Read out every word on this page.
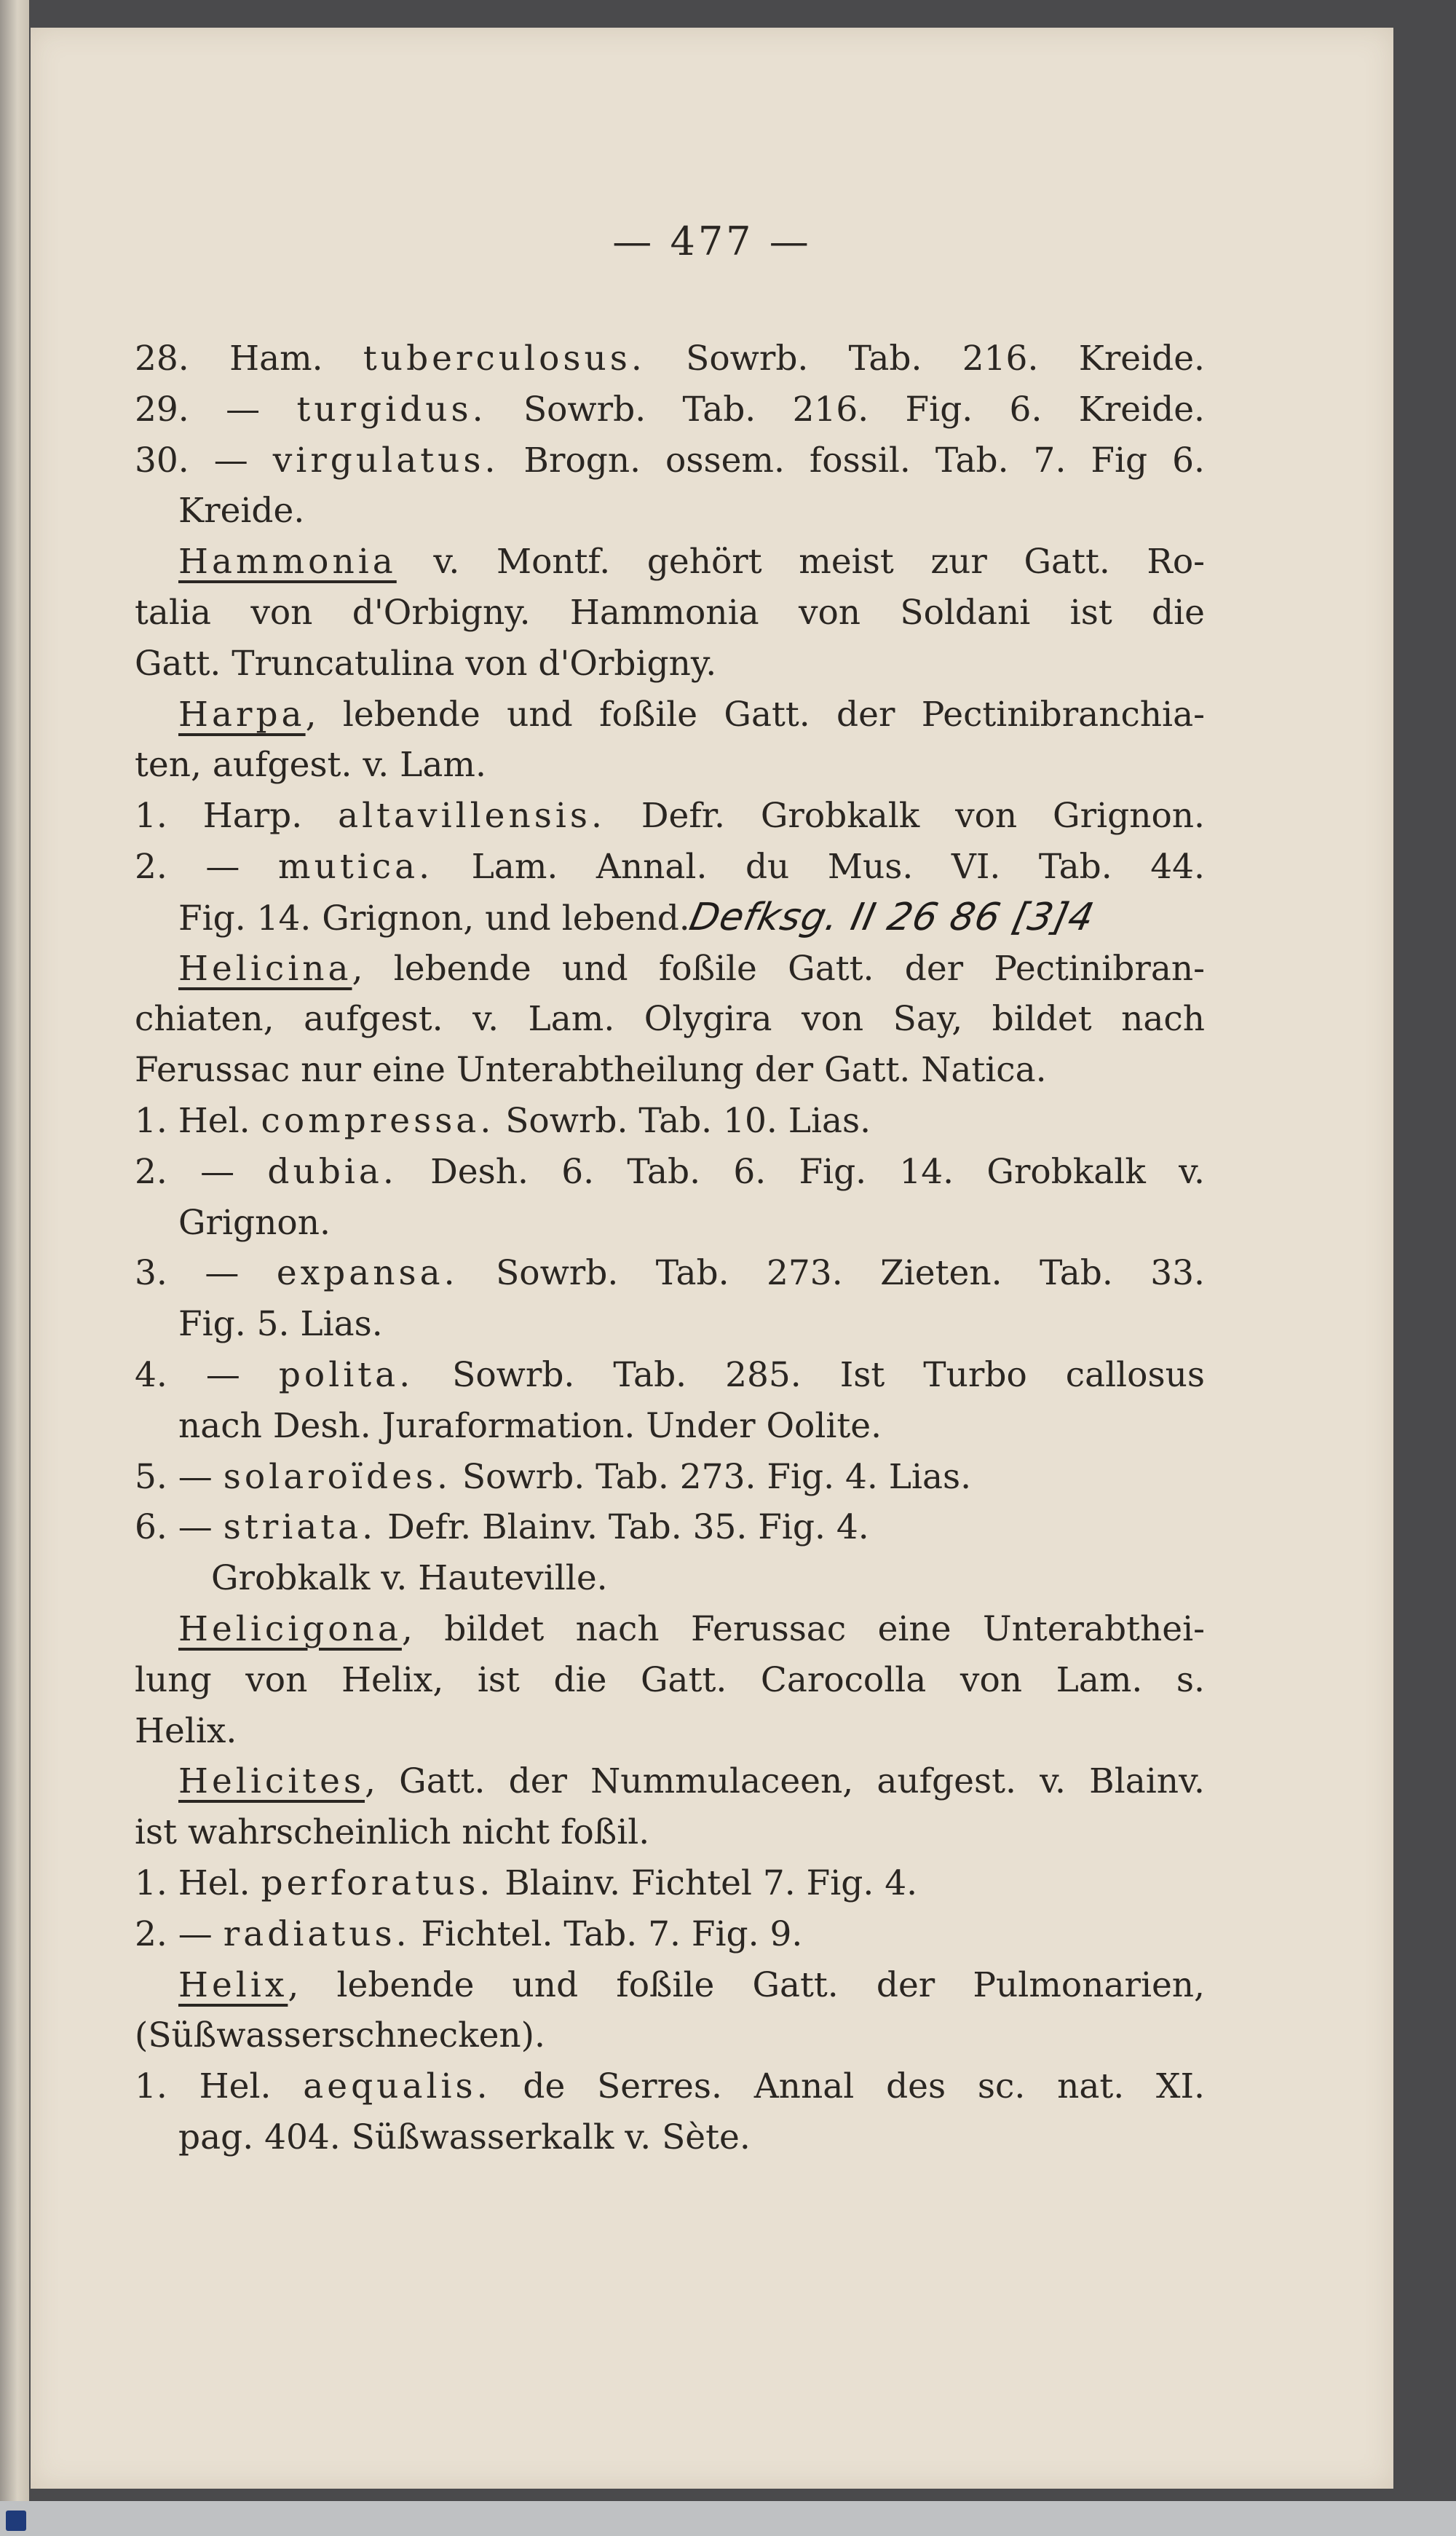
— 477 —
28. Ham. tuberculosus. Sowrb. Tab. 216. Kreide.
29. — turgidus. Sowrb. Tab. 216. Fig. 6. Kreide.
30. — virgulatus. Brogn. ossem. fossil. Tab. 7. Fig 6.
Kreide.
Hammonia v. Montf. gehört meist zur Gatt. Ro-
talia von d'Orbigny. Hammonia von Soldani ist die
Gatt. Truncatulina von d'Orbigny.
Harpa, lebende und foßile Gatt. der Pectinibranchia-
ten, aufgest. v. Lam.
1. Harp. altavillensis. Defr. Grobkalk von Grignon.
2. — mutica. Lam. Annal. du Mus. VI. Tab. 44.
Fig. 14. Grignon, und lebend.Defksg. II 26 86 [3]4
Helicina, lebende und foßile Gatt. der Pectinibran-
chiaten, aufgest. v. Lam. Olygira von Say, bildet nach
Ferussac nur eine Unterabtheilung der Gatt. Natica.
1. Hel. compressa. Sowrb. Tab. 10. Lias.
2. — dubia. Desh. 6. Tab. 6. Fig. 14. Grobkalk v.
Grignon.
3. — expansa. Sowrb. Tab. 273. Zieten. Tab. 33.
Fig. 5. Lias.
4. — polita. Sowrb. Tab. 285. Ist Turbo callosus
nach Desh. Juraformation. Under Oolite.
5. — solaroïdes. Sowrb. Tab. 273. Fig. 4. Lias.
6. — striata. Defr. Blainv. Tab. 35. Fig. 4.
Grobkalk v. Hauteville.
Helicigona, bildet nach Ferussac eine Unterabthei-
lung von Helix, ist die Gatt. Carocolla von Lam. s.
Helix.
Helicites, Gatt. der Nummulaceen, aufgest. v. Blainv.
ist wahrscheinlich nicht foßil.
1. Hel. perforatus. Blainv. Fichtel 7. Fig. 4.
2. — radiatus. Fichtel. Tab. 7. Fig. 9.
Helix, lebende und foßile Gatt. der Pulmonarien,
(Süßwasserschnecken).
1. Hel. aequalis. de Serres. Annal des sc. nat. XI.
pag. 404. Süßwasserkalk v. Sète.
